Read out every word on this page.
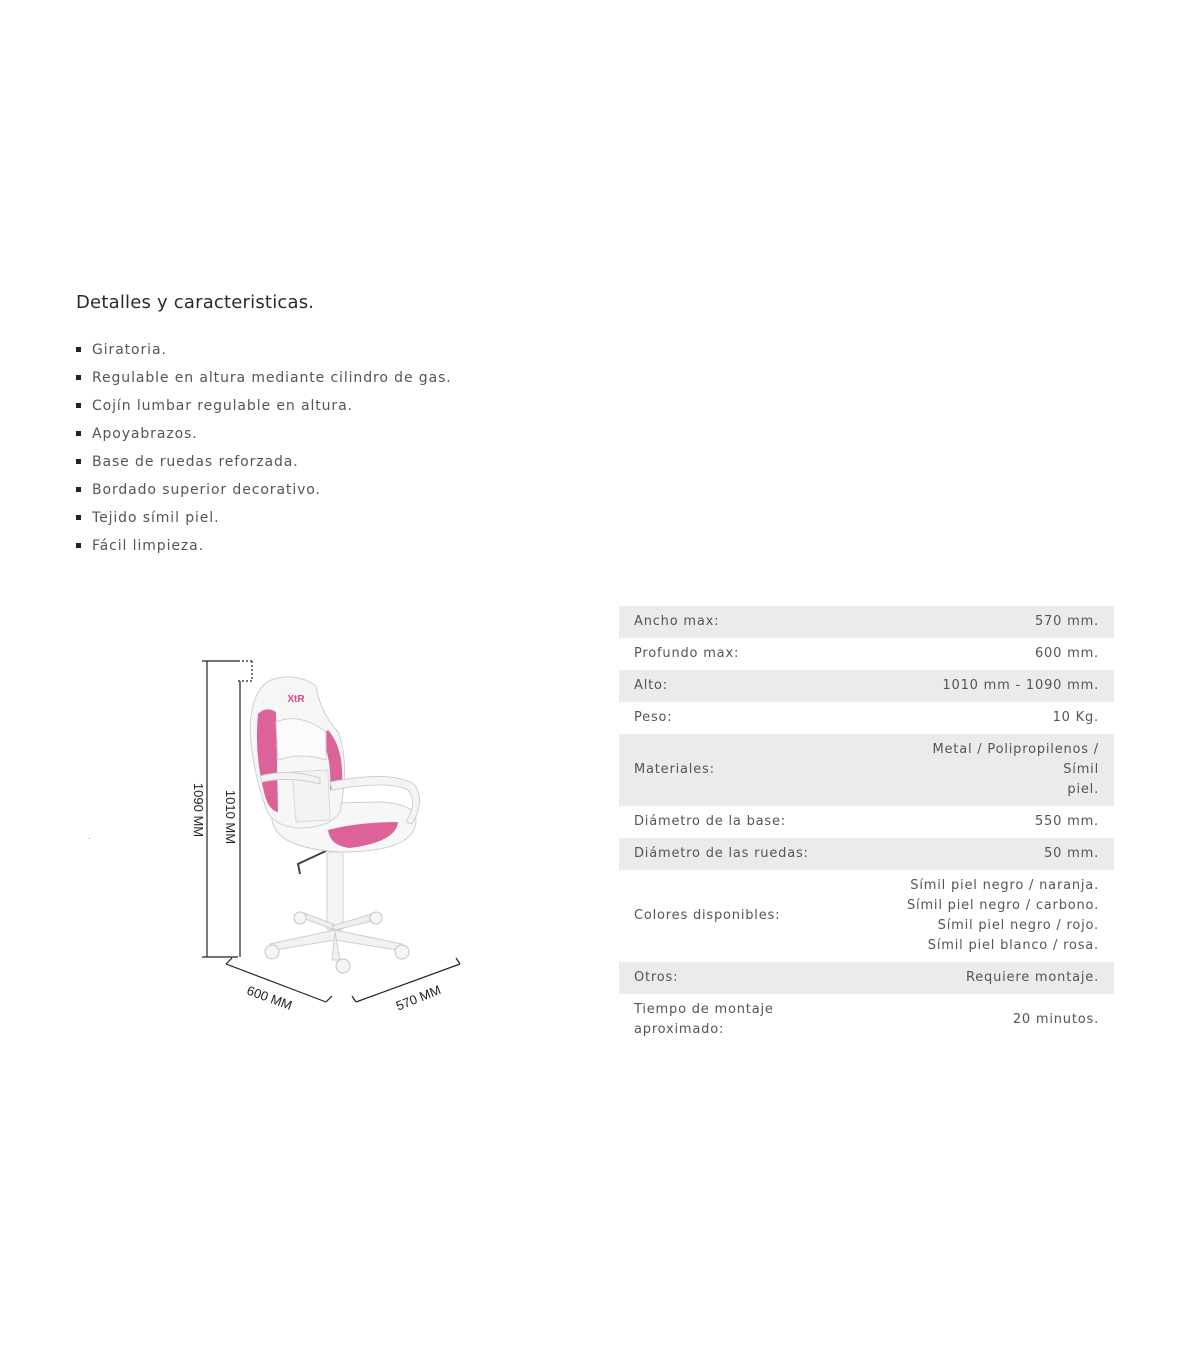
Detalles y caracteristicas.
Giratoria.
Regulable en altura mediante cilindro de gas.
Cojín lumbar regulable en altura.
Apoyabrazos.
Base de ruedas reforzada.
Bordado superior decorativo.
Tejido símil piel.
Fácil limpieza.
1090 MM 1010 MM
600 MM	570 MM
XtR
Ancho max:	570 mm.
Profundo max:	600 mm.
Alto:	1010 mm - 1090 mm.
Peso:	10 Kg.
Materiales:	Metal / Polipropilenos / Símil
piel.

Diámetro de la base:	550 mm.
Diámetro de las ruedas:	50 mm.
Colores disponibles:	Símil piel negro / naranja.
Símil piel negro / carbono.
Símil piel negro / rojo.
Símil piel blanco / rosa.

Otros:	Requiere montaje.

Tiempo de montaje
aproximado:	20 minutos.
